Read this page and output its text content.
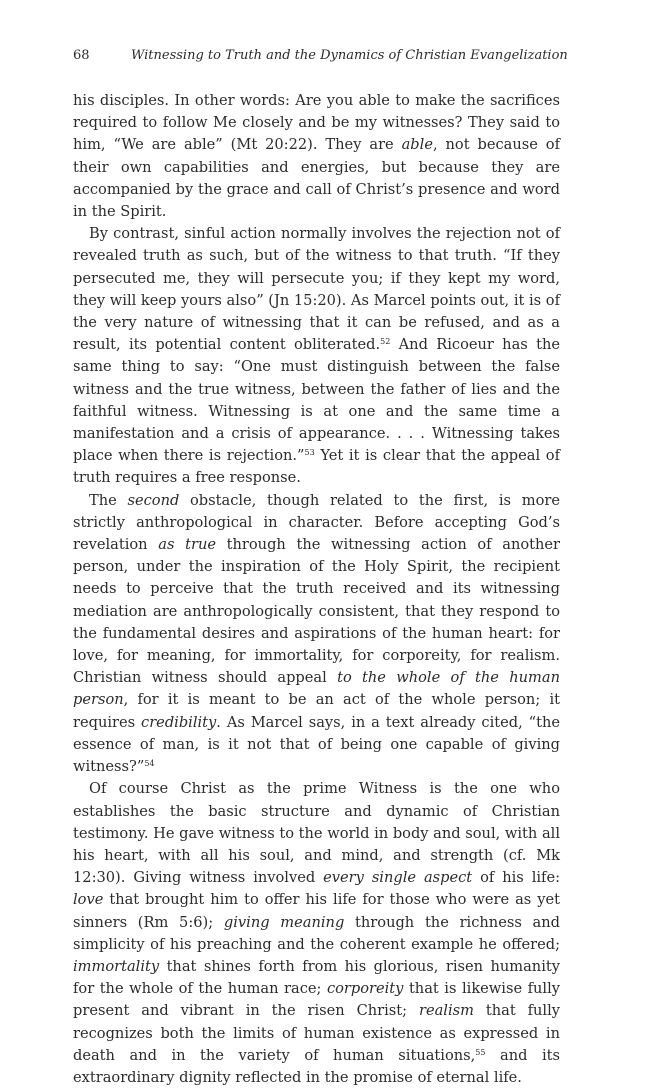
68	Witnessing to Truth and the Dynamics of Christian Evangelization

his disciples. In other words: Are you able to make the sacrifices required to follow Me closely and be my witnesses? They said to him, “We are able” (Mt 20:22). They are able, not because of their own capabilities and energies, but because they are accompanied by the grace and call of Christ’s presence and word in the Spirit.

By contrast, sinful action normally involves the rejection not of revealed truth as such, but of the witness to that truth. “If they persecuted me, they will persecute you; if they kept my word, they will keep yours also” (Jn 15:20). As Marcel points out, it is of the very nature of witnessing that it can be refused, and as a result, its potential content obliterated.$^{52}$ And Ricoeur has the same thing to say: “One must distinguish between the false witness and the true witness, between the father of lies and the faithful witness. Witnessing is at one and the same time a manifestation and a crisis of appearance. . . . Witnessing takes place when there is rejection.”$^{53}$ Yet it is clear that the appeal of truth requires a free response.

The second obstacle, though related to the first, is more strictly anthropological in character. Before accepting God’s revelation as true through the witnessing action of another person, under the inspiration of the Holy Spirit, the recipient needs to perceive that the truth received and its witnessing mediation are anthropologically consistent, that they respond to the fundamental desires and aspirations of the human heart: for love, for meaning, for immortality, for corporeity, for realism. Christian witness should appeal to the whole of the human person, for it is meant to be an act of the whole person; it requires credibility. As Marcel says, in a text already cited, “the essence of man, is it not that of being one capable of giving witness?”$^{54}$

Of course Christ as the prime Witness is the one who establishes the basic structure and dynamic of Christian testimony. He gave witness to the world in body and soul, with all his heart, with all his soul, and mind, and strength (cf. Mk 12:30). Giving witness involved every single aspect of his life: love that brought him to offer his life for those who were as yet sinners (Rm 5:6); giving meaning through the richness and simplicity of his preaching and the coherent example he offered; immortality that shines forth from his glorious, risen humanity for the whole of the human race; corporeity that is likewise fully present and vibrant in the risen Christ; realism that fully recognizes both the limits of human existence as expressed in death and in the variety of human situations,$^{55}$ and its extraordinary dignity reflected in the promise of eternal life.
